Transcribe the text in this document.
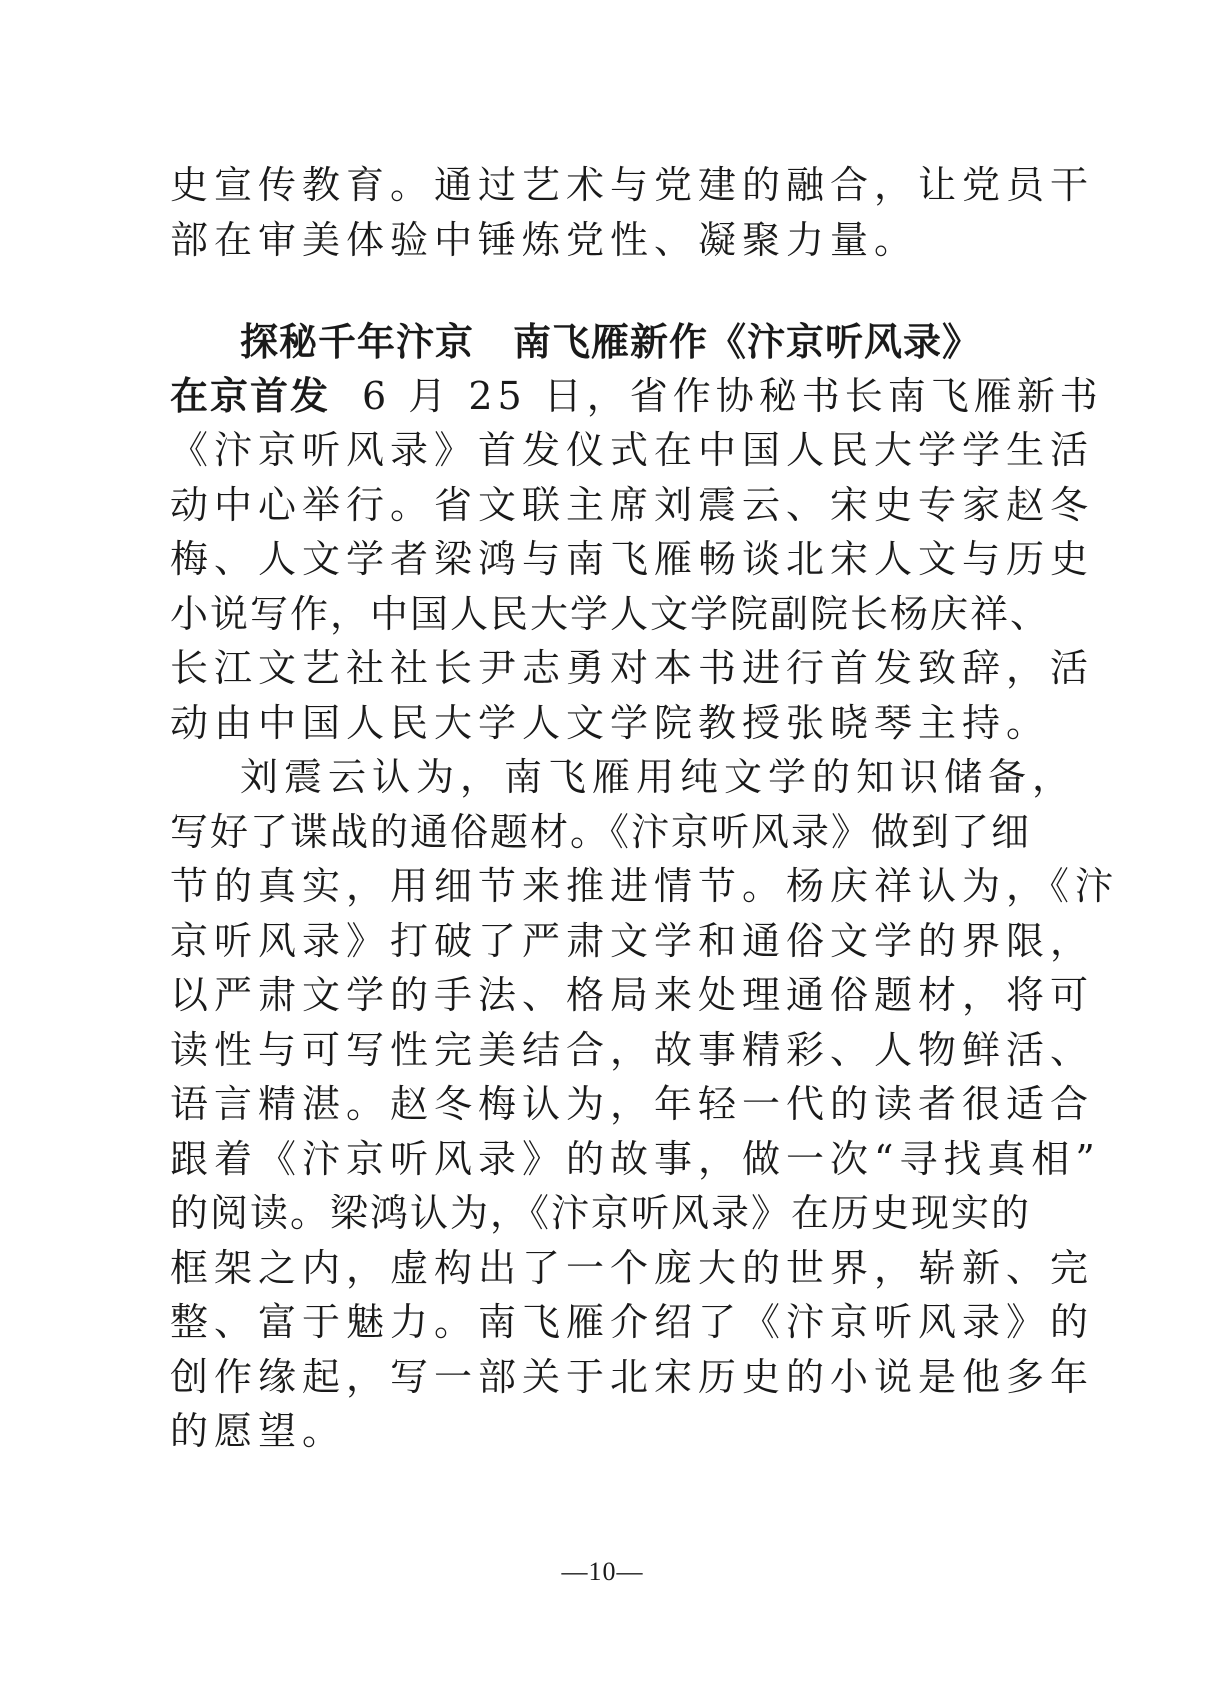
史宣传教育。通过艺术与党建的融合，让党员干
部在审美体验中锤炼党性、凝聚力量。
探秘千年汴京　南飞雁新作《汴京听风录》
在京首发 6 月 25 日，省作协秘书长南飞雁新书
《汴京听风录》首发仪式在中国人民大学学生活
动中心举行。省文联主席刘震云、宋史专家赵冬
梅、人文学者梁鸿与南飞雁畅谈北宋人文与历史
小说写作，中国人民大学人文学院副院长杨庆祥、
长江文艺社社长尹志勇对本书进行首发致辞，活
动由中国人民大学人文学院教授张晓琴主持。
刘震云认为，南飞雁用纯文学的知识储备，
写好了谍战的通俗题材。《汴京听风录》做到了细
节的真实，用细节来推进情节。杨庆祥认为，《汴
京听风录》打破了严肃文学和通俗文学的界限，
以严肃文学的手法、格局来处理通俗题材，将可
读性与可写性完美结合，故事精彩、人物鲜活、
语言精湛。赵冬梅认为，年轻一代的读者很适合
跟着《汴京听风录》的故事，做一次“寻找真相”
的阅读。梁鸿认为，《汴京听风录》在历史现实的
框架之内，虚构出了一个庞大的世界，崭新、完
整、富于魅力。南飞雁介绍了《汴京听风录》的
创作缘起，写一部关于北宋历史的小说是他多年
的愿望。
—10—
